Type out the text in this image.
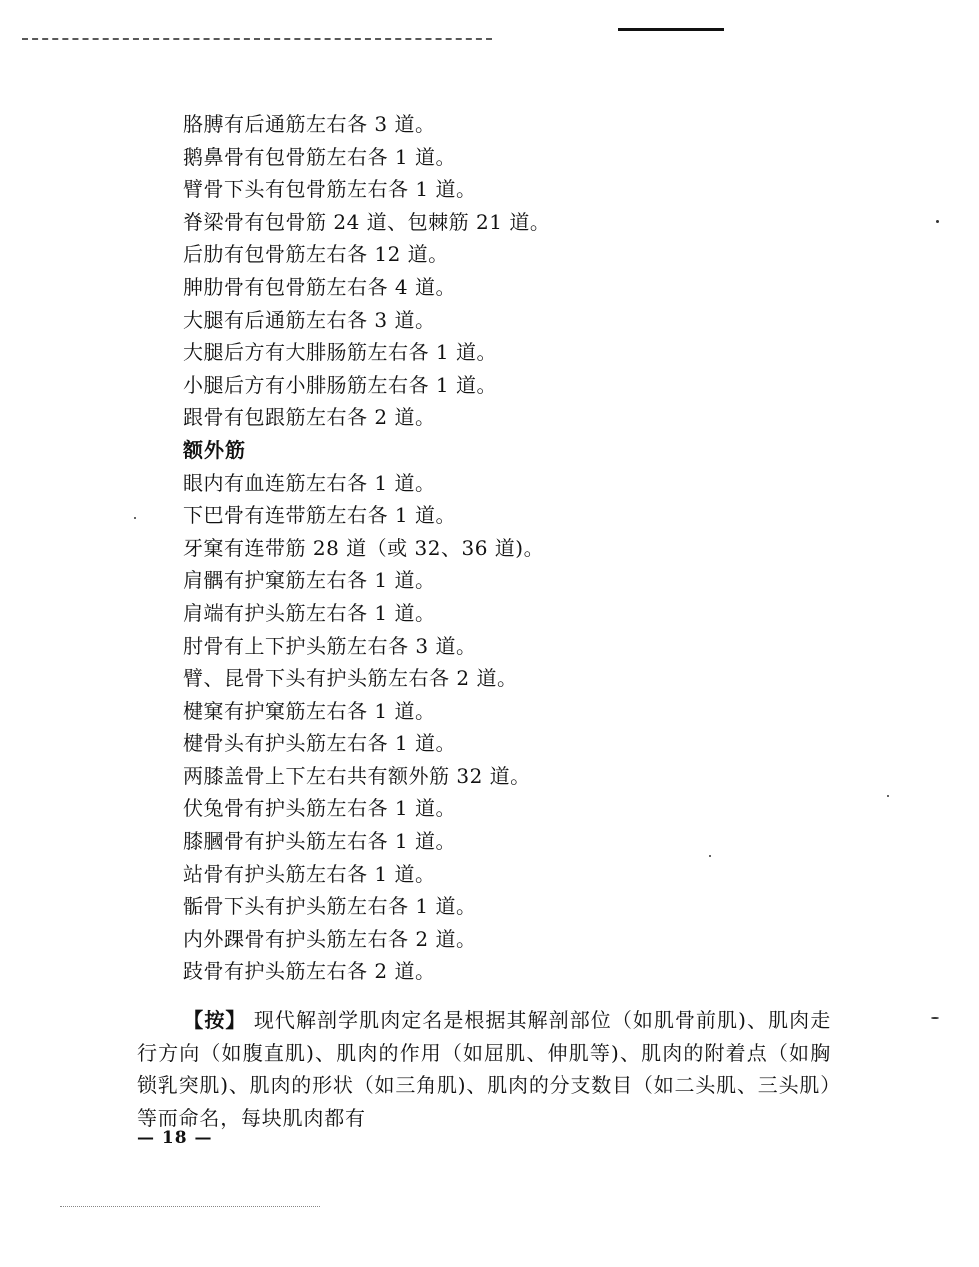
胳膊有后通筋左右各 3 道。
鹅鼻骨有包骨筋左右各 1 道。
臂骨下头有包骨筋左右各 1 道。
脊梁骨有包骨筋 24 道、包棘筋 21 道。
后肋有包骨筋左右各 12 道。
胂肋骨有包骨筋左右各 4 道。
大腿有后通筋左右各 3 道。
大腿后方有大腓肠筋左右各 1 道。
小腿后方有小腓肠筋左右各 1 道。
跟骨有包跟筋左右各 2 道。
额外筋
眼内有血连筋左右各 1 道。
下巴骨有连带筋左右各 1 道。
牙窠有连带筋 28 道（或 32、36 道)。
肩髃有护窠筋左右各 1 道。
肩端有护头筋左右各 1 道。
肘骨有上下护头筋左右各 3 道。
臂、昆骨下头有护头筋左右各 2 道。
楗窠有护窠筋左右各 1 道。
楗骨头有护头筋左右各 1 道。
两膝盖骨上下左右共有额外筋 32 道。
伏兔骨有护头筋左右各 1 道。
膝膕骨有护头筋左右各 1 道。
站骨有护头筋左右各 1 道。
骺骨下头有护头筋左右各 1 道。
内外踝骨有护头筋左右各 2 道。
跂骨有护头筋左右各 2 道。

【按】 现代解剖学肌肉定名是根据其解剖部位（如肌骨前肌)、肌肉走行方向（如腹直肌)、肌肉的作用（如屈肌、伸肌等)、肌肉的附着点（如胸锁乳突肌)、肌肉的形状（如三角肌)、肌肉的分支数目（如二头肌、三头肌）等而命名，每块肌肉都有

— 18 —
